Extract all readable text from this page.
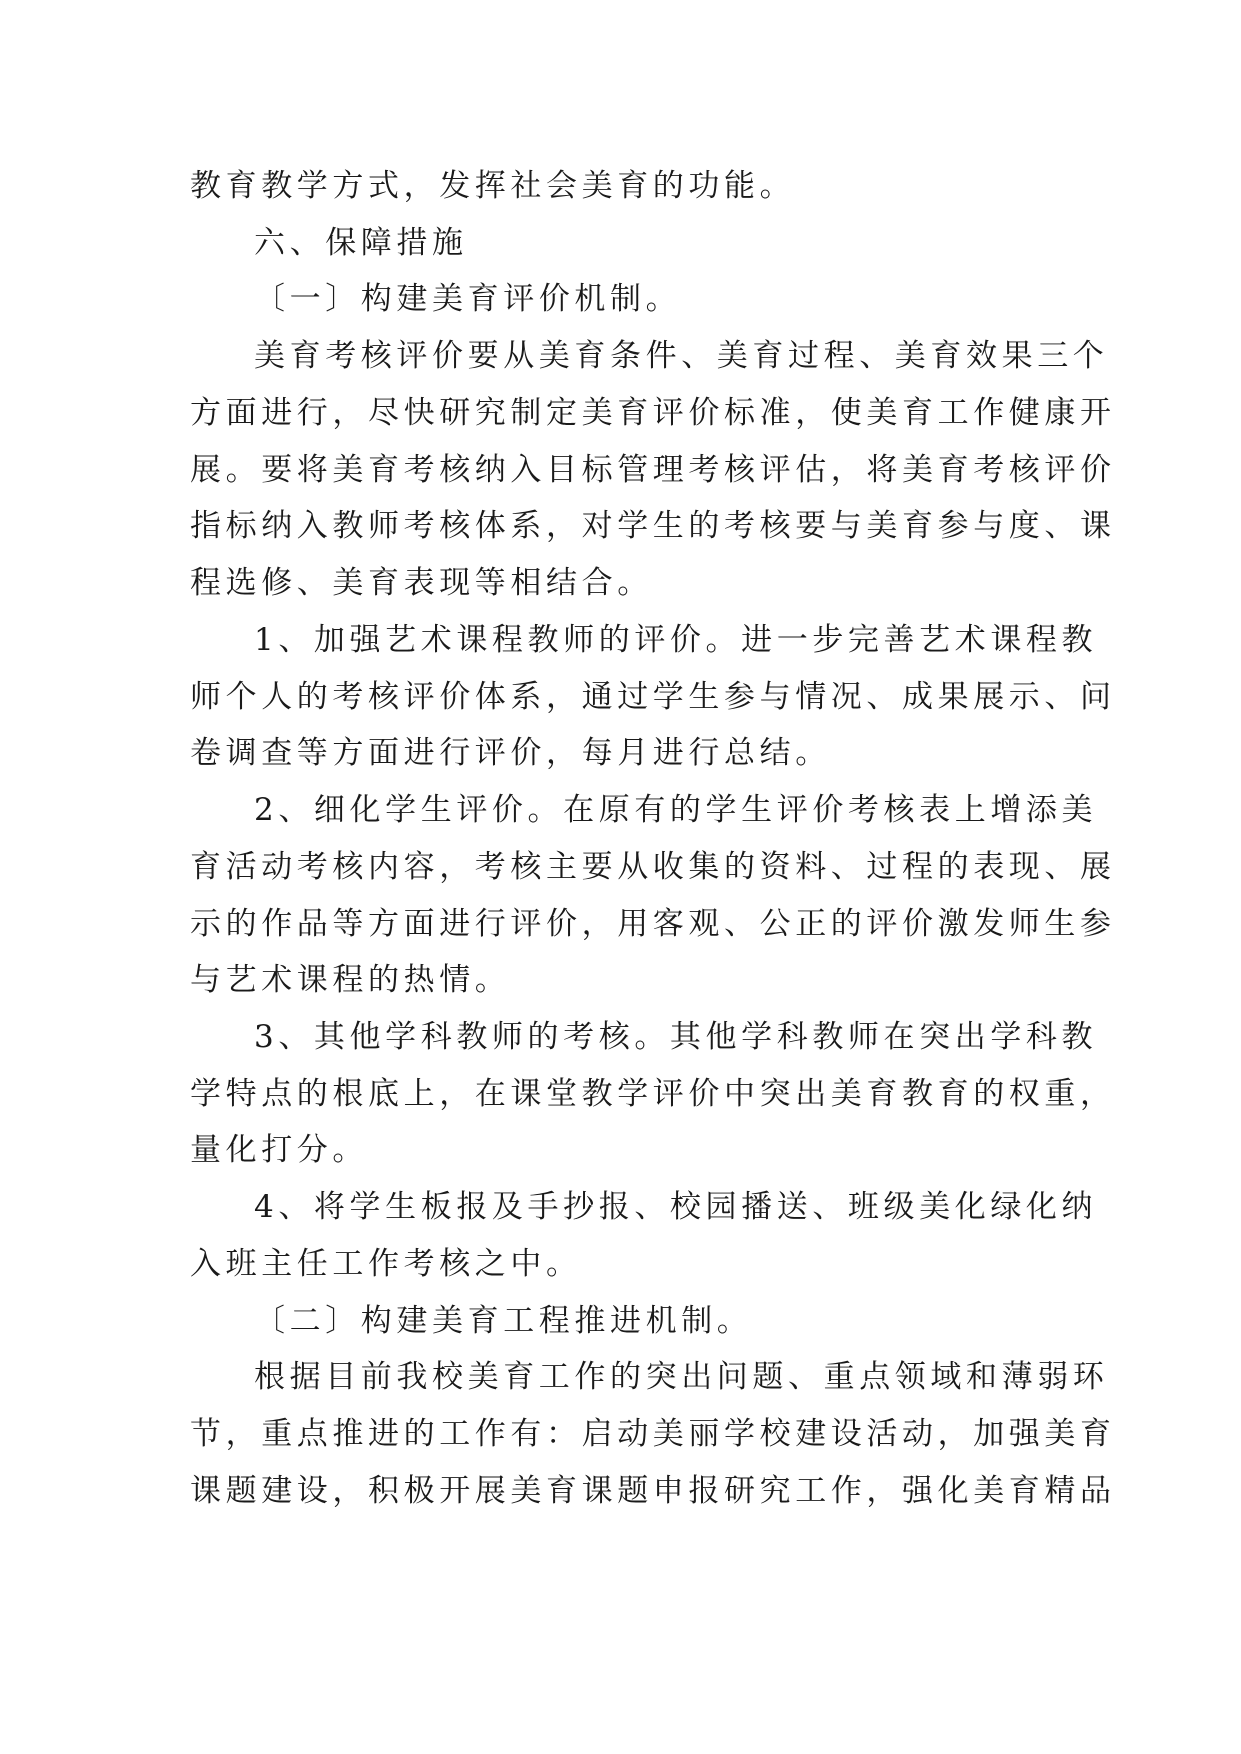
教育教学方式，发挥社会美育的功能。
六、保障措施
〔一〕构建美育评价机制。
美育考核评价要从美育条件、美育过程、美育效果三个
方面进行，尽快研究制定美育评价标准，使美育工作健康开
展。要将美育考核纳入目标管理考核评估，将美育考核评价
指标纳入教师考核体系，对学生的考核要与美育参与度、课
程选修、美育表现等相结合。
1、加强艺术课程教师的评价。进一步完善艺术课程教
师个人的考核评价体系，通过学生参与情况、成果展示、问
卷调查等方面进行评价，每月进行总结。
2、细化学生评价。在原有的学生评价考核表上增添美
育活动考核内容，考核主要从收集的资料、过程的表现、展
示的作品等方面进行评价，用客观、公正的评价激发师生参
与艺术课程的热情。
3、其他学科教师的考核。其他学科教师在突出学科教
学特点的根底上，在课堂教学评价中突出美育教育的权重，
量化打分。
4、将学生板报及手抄报、校园播送、班级美化绿化纳
入班主任工作考核之中。
〔二〕构建美育工程推进机制。
根据目前我校美育工作的突出问题、重点领域和薄弱环
节，重点推进的工作有：启动美丽学校建设活动，加强美育
课题建设，积极开展美育课题申报研究工作，强化美育精品
